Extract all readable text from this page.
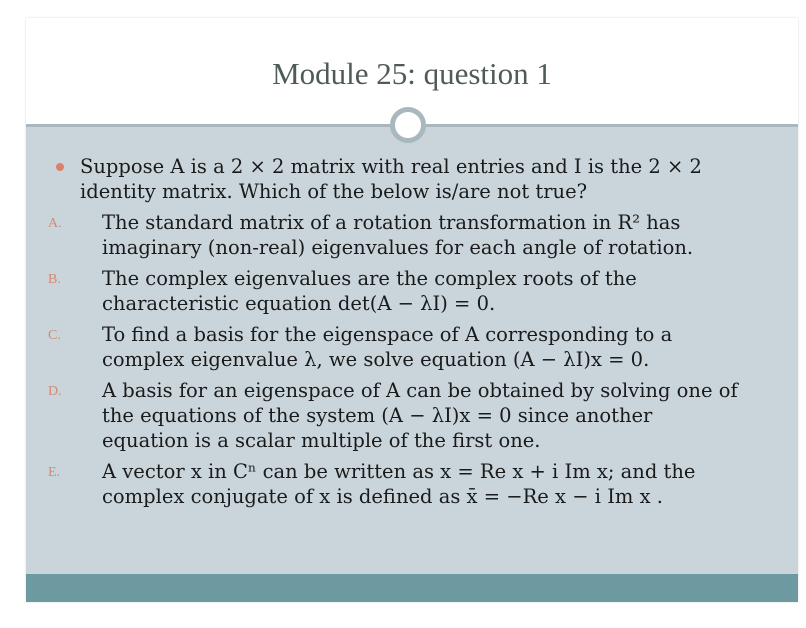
Module 25: question 1
Suppose A is a 2 × 2 matrix with real entries and I is the 2 × 2
identity matrix. Which of the below is/are not true?
A. The standard matrix of a rotation transformation in R² has
imaginary (non-real) eigenvalues for each angle of rotation.
B. The complex eigenvalues are the complex roots of the
characteristic equation det(A − λI) = 0.
C. To find a basis for the eigenspace of A corresponding to a
complex eigenvalue λ, we solve equation (A − λI)x = 0.
D. A basis for an eigenspace of A can be obtained by solving one of
the equations of the system (A − λI)x = 0 since another
equation is a scalar multiple of the first one.
E. A vector x in Cⁿ can be written as x = Re x + i Im x; and the
complex conjugate of x is defined as x̄ = −Re x − i Im x .
